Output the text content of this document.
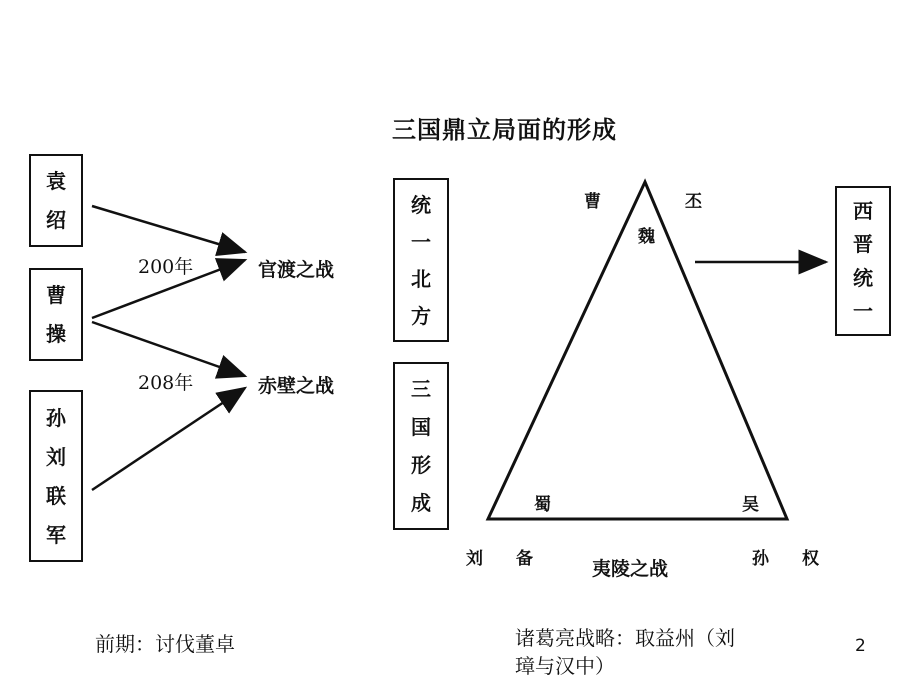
三国鼎立局面的形成
袁
绍
曹
操
孙
刘
联
军
200年
208年
官渡之战
赤壁之战
统
一
北
方
三
国
形
成
西
晋
统
一
曹	丕
魏
蜀	吴
刘 备	孙 权
夷陵之战
前期：讨伐董卓	诸葛亮战略：取益州（刘
璋与汉中）
2
